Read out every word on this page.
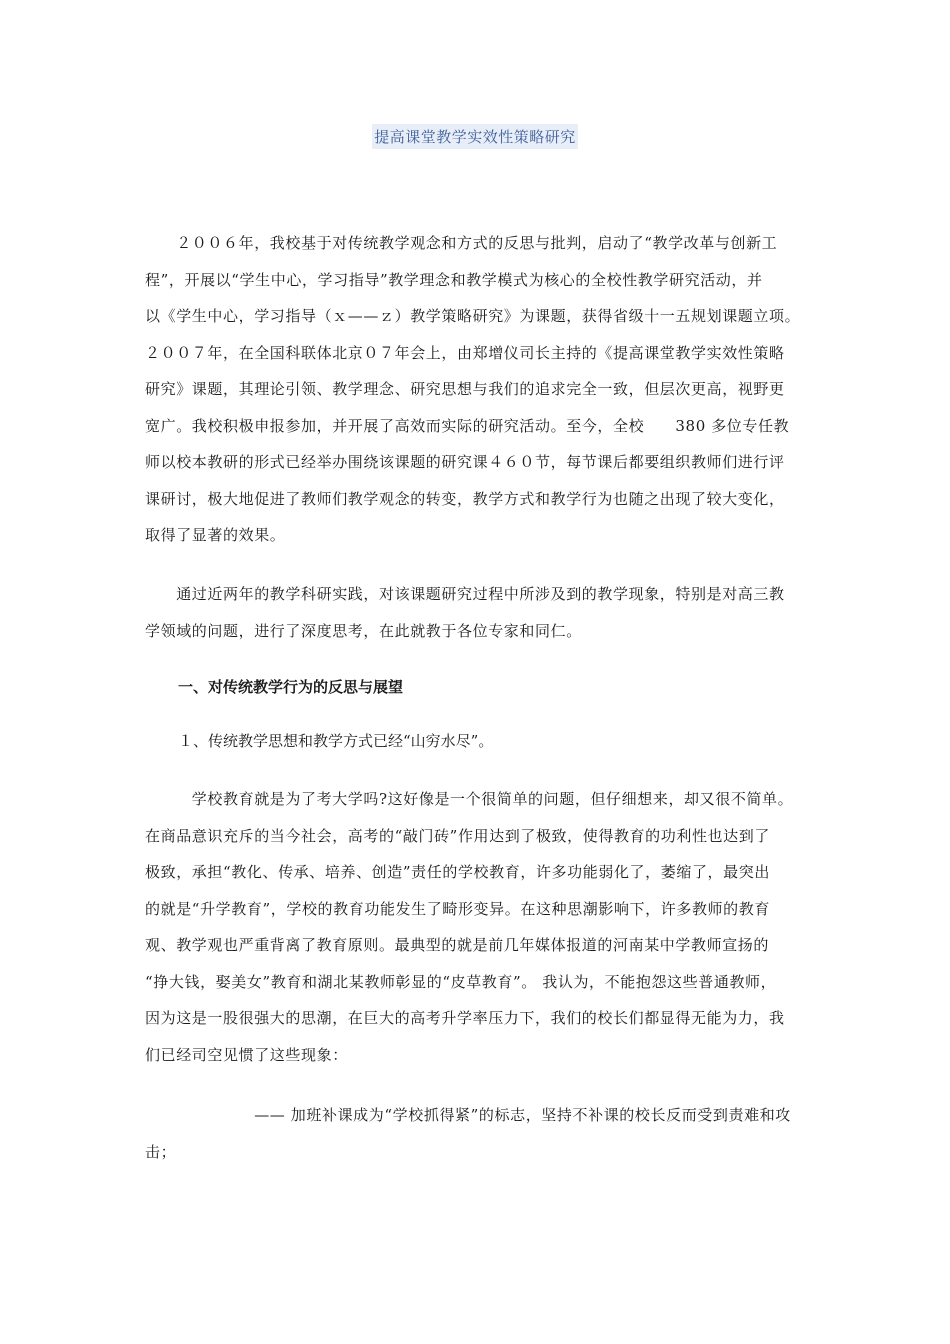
提高课堂教学实效性策略研究
　　２００６年，我校基于对传统教学观念和方式的反思与批判，启动了“教学改革与创新工
程”，开展以“学生中心，学习指导”教学理念和教学模式为核心的全校性教学研究活动，并
以《学生中心，学习指导（ｘ——ｚ）教学策略研究》为课题，获得省级十一五规划课题立项。
２００７年，在全国科联体北京０７年会上，由郑增仪司长主持的《提高课堂教学实效性策略
研究》课题，其理论引领、教学理念、研究思想与我们的追求完全一致，但层次更高，视野更
宽广。我校积极申报参加，并开展了高效而实际的研究活动。至今，全校　　380 多位专任教
师以校本教研的形式已经举办围绕该课题的研究课４６０节，每节课后都要组织教师们进行评
课研讨，极大地促进了教师们教学观念的转变，教学方式和教学行为也随之出现了较大变化，
取得了显著的效果。
　　通过近两年的教学科研实践，对该课题研究过程中所涉及到的教学现象，特别是对高三教
学领域的问题，进行了深度思考，在此就教于各位专家和同仁。
一、对传统教学行为的反思与展望
１、传统教学思想和教学方式已经“山穷水尽”。
　　　学校教育就是为了考大学吗?这好像是一个很简单的问题，但仔细想来，却又很不简单。
在商品意识充斥的当今社会，高考的“敲门砖”作用达到了极致，使得教育的功利性也达到了
极致，承担“教化、传承、培养、创造”责任的学校教育，许多功能弱化了，萎缩了，最突出
的就是“升学教育”，学校的教育功能发生了畸形变异。在这种思潮影响下，许多教师的教育
观、教学观也严重背离了教育原则。最典型的就是前几年媒体报道的河南某中学教师宣扬的
“挣大钱，娶美女”教育和湖北某教师彰显的“皮草教育”。 我认为，不能抱怨这些普通教师，
因为这是一股很强大的思潮，在巨大的高考升学率压力下，我们的校长们都显得无能为力，我
们已经司空见惯了这些现象：
　　　　　　　—— 加班补课成为“学校抓得紧”的标志，坚持不补课的校长反而受到责难和攻
击；
